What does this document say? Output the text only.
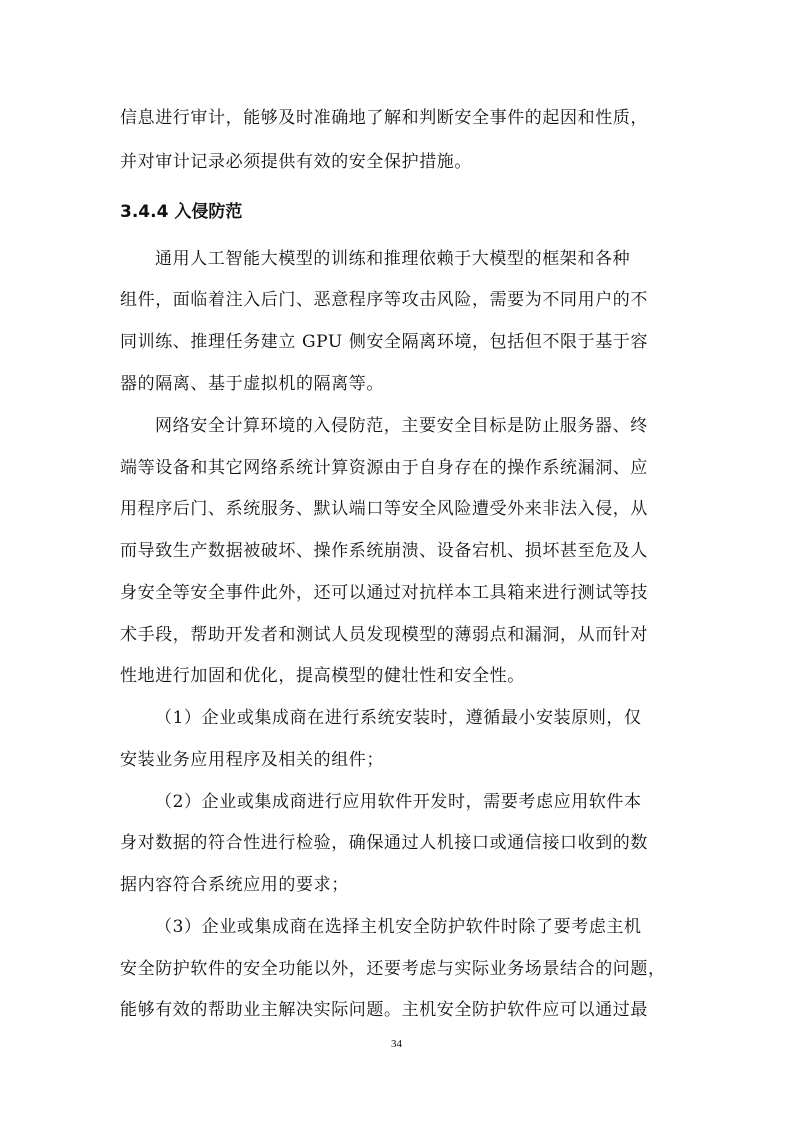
信息进行审计，能够及时准确地了解和判断安全事件的起因和性质，
并对审计记录必须提供有效的安全保护措施。
3.4.4 入侵防范
通用人工智能大模型的训练和推理依赖于大模型的框架和各种
组件，面临着注入后门、恶意程序等攻击风险，需要为不同用户的不
同训练、推理任务建立 GPU 侧安全隔离环境，包括但不限于基于容
器的隔离、基于虚拟机的隔离等。
网络安全计算环境的入侵防范，主要安全目标是防止服务器、终
端等设备和其它网络系统计算资源由于自身存在的操作系统漏洞、应
用程序后门、系统服务、默认端口等安全风险遭受外来非法入侵，从
而导致生产数据被破坏、操作系统崩溃、设备宕机、损坏甚至危及人
身安全等安全事件此外，还可以通过对抗样本工具箱来进行测试等技
术手段，帮助开发者和测试人员发现模型的薄弱点和漏洞，从而针对
性地进行加固和优化，提高模型的健壮性和安全性。
（1）企业或集成商在进行系统安装时，遵循最小安装原则，仅
安装业务应用程序及相关的组件；
（2）企业或集成商进行应用软件开发时，需要考虑应用软件本
身对数据的符合性进行检验，确保通过人机接口或通信接口收到的数
据内容符合系统应用的要求；
（3）企业或集成商在选择主机安全防护软件时除了要考虑主机
安全防护软件的安全功能以外，还要考虑与实际业务场景结合的问题，
能够有效的帮助业主解决实际问题。主机安全防护软件应可以通过最
34
